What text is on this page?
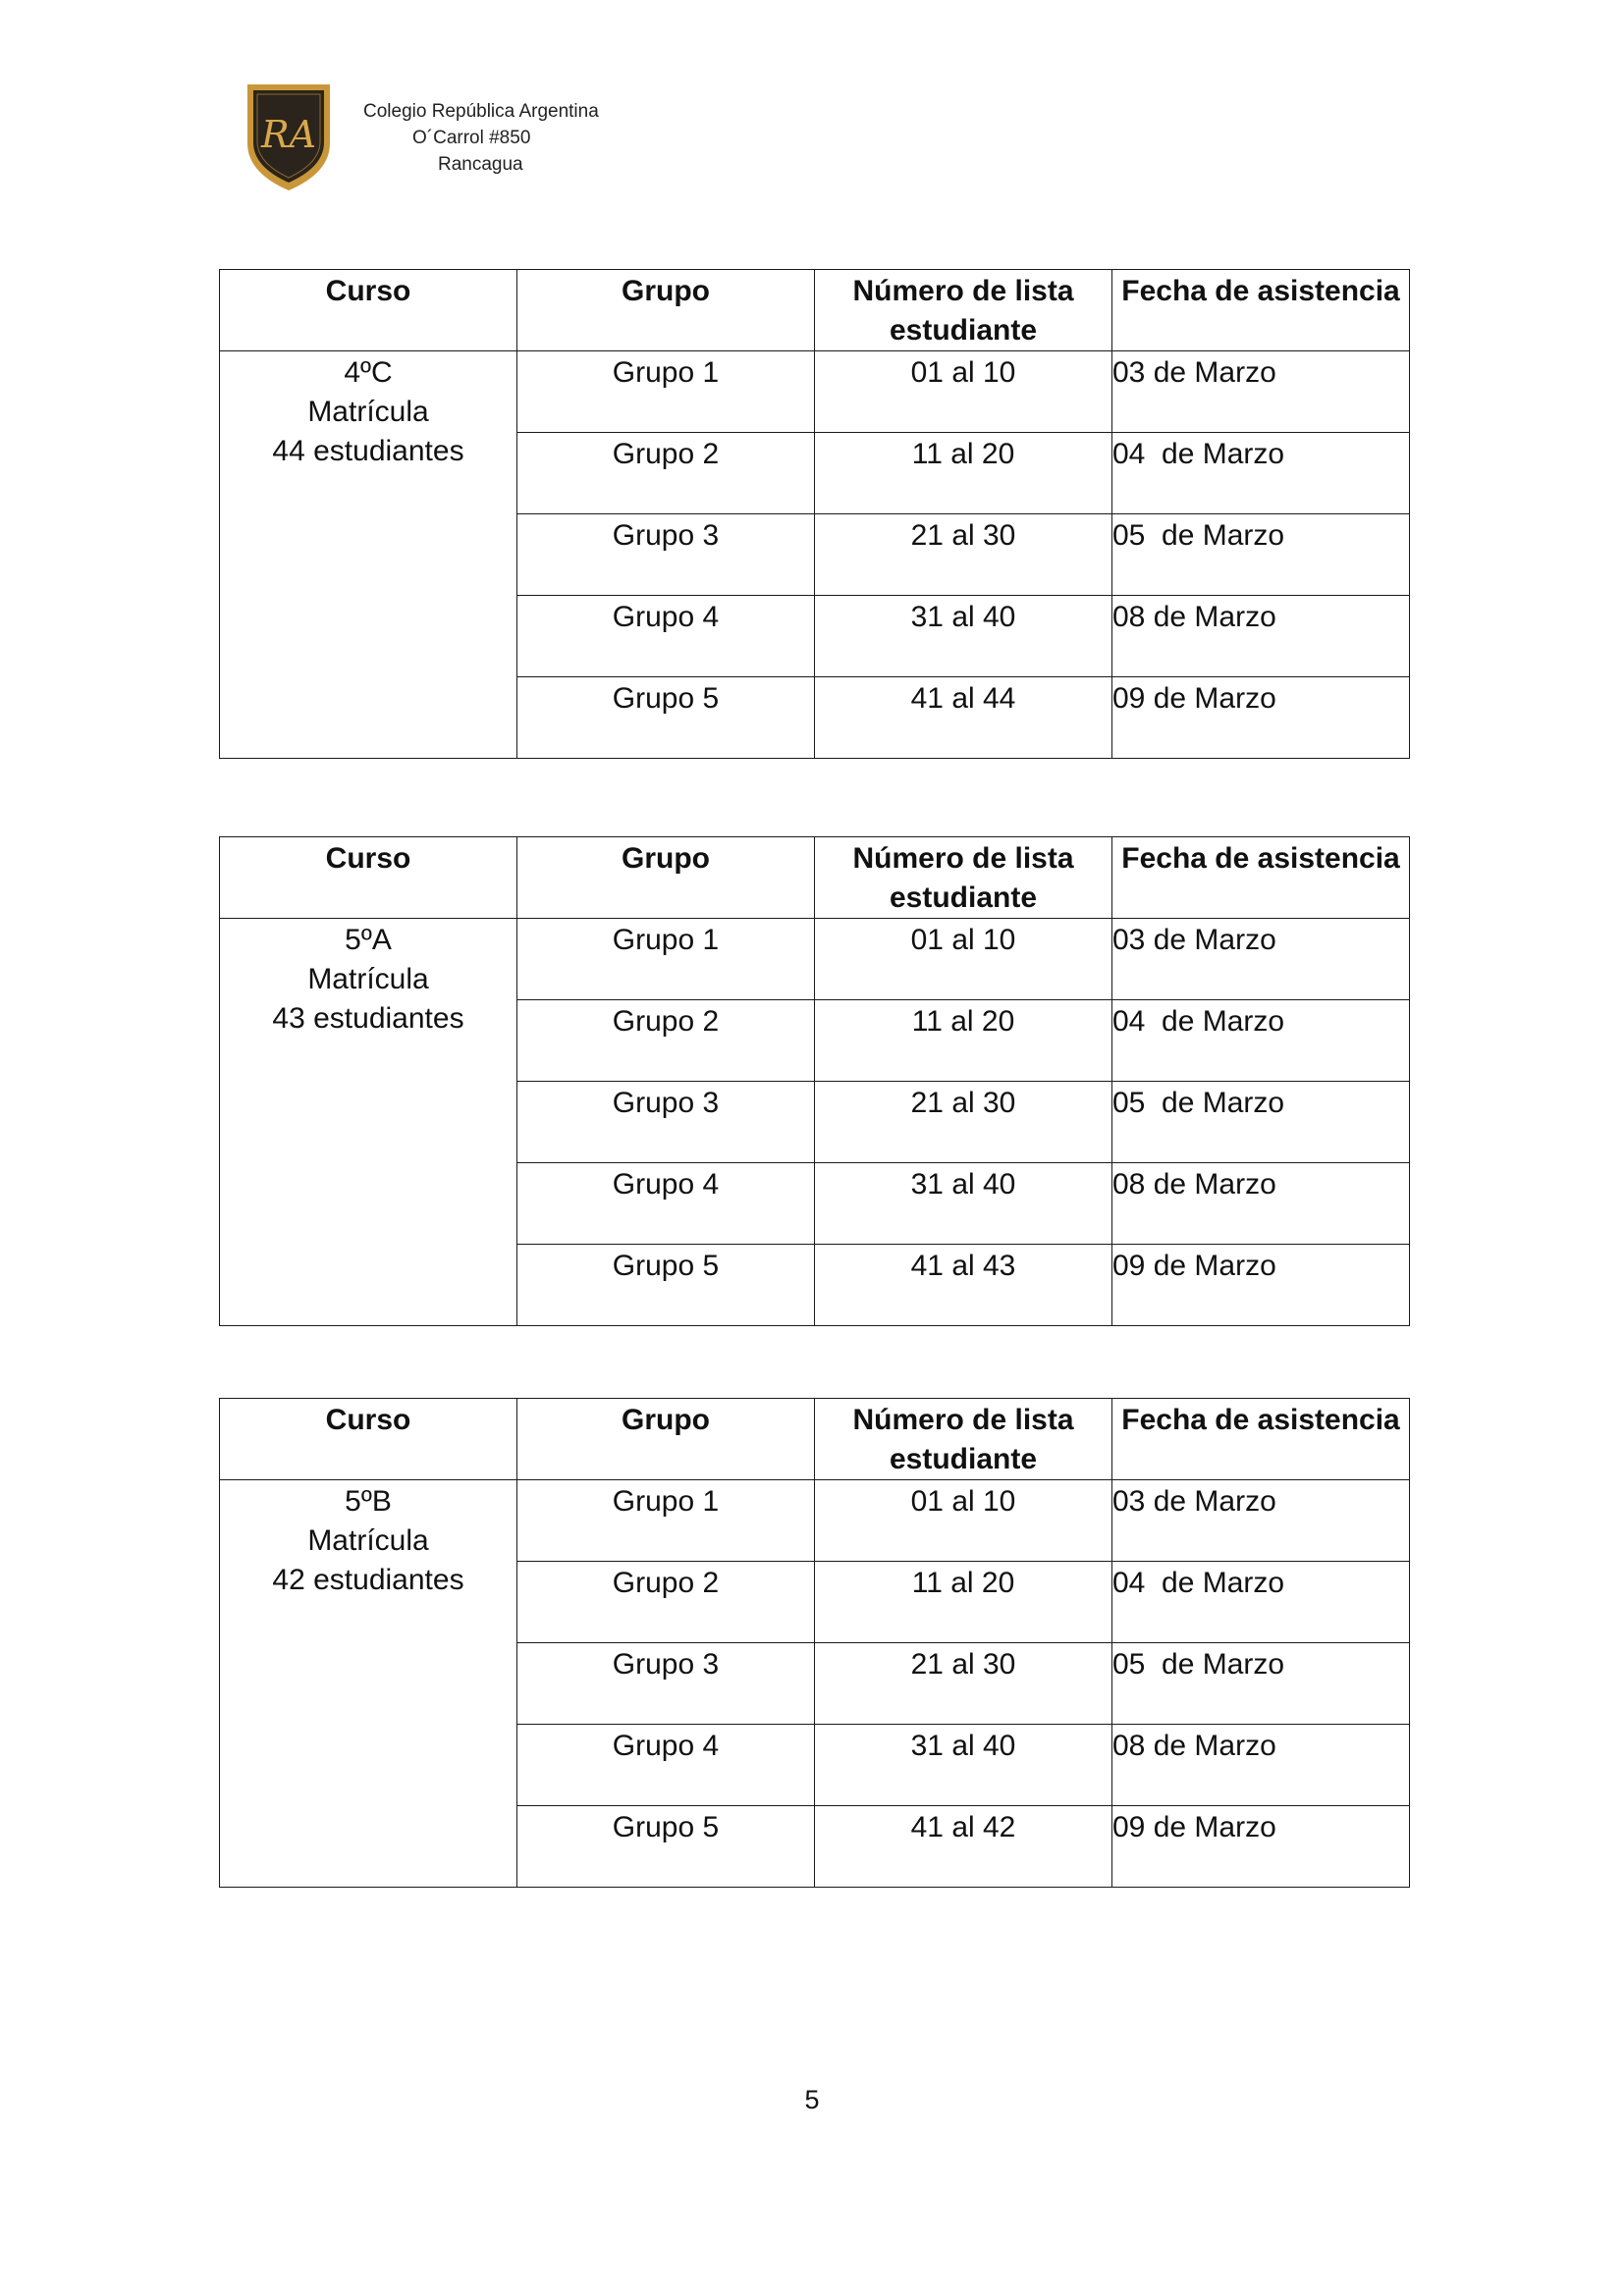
RA
Colegio República Argentina
O´Carrol #850
Rancagua
Curso	Grupo	Número de lista estudiante	Fecha de asistencia

4ºC
Matrícula
44 estudiantes	Grupo 1	01 al 10	03 de Marzo
	Grupo 2	11 al 20	04  de Marzo
	Grupo 3	21 al 30	05  de Marzo
	Grupo 4	31 al 40	08 de Marzo
	Grupo 5	41 al 44	09 de Marzo
Curso	Grupo	Número de lista estudiante	Fecha de asistencia

5ºA
Matrícula
43 estudiantes	Grupo 1	01 al 10	03 de Marzo
	Grupo 2	11 al 20	04  de Marzo
	Grupo 3	21 al 30	05  de Marzo
	Grupo 4	31 al 40	08 de Marzo
	Grupo 5	41 al 43	09 de Marzo
Curso	Grupo	Número de lista estudiante	Fecha de asistencia

5ºB
Matrícula
42 estudiantes	Grupo 1	01 al 10	03 de Marzo
	Grupo 2	11 al 20	04  de Marzo
	Grupo 3	21 al 30	05  de Marzo
	Grupo 4	31 al 40	08 de Marzo
	Grupo 5	41 al 42	09 de Marzo
5
